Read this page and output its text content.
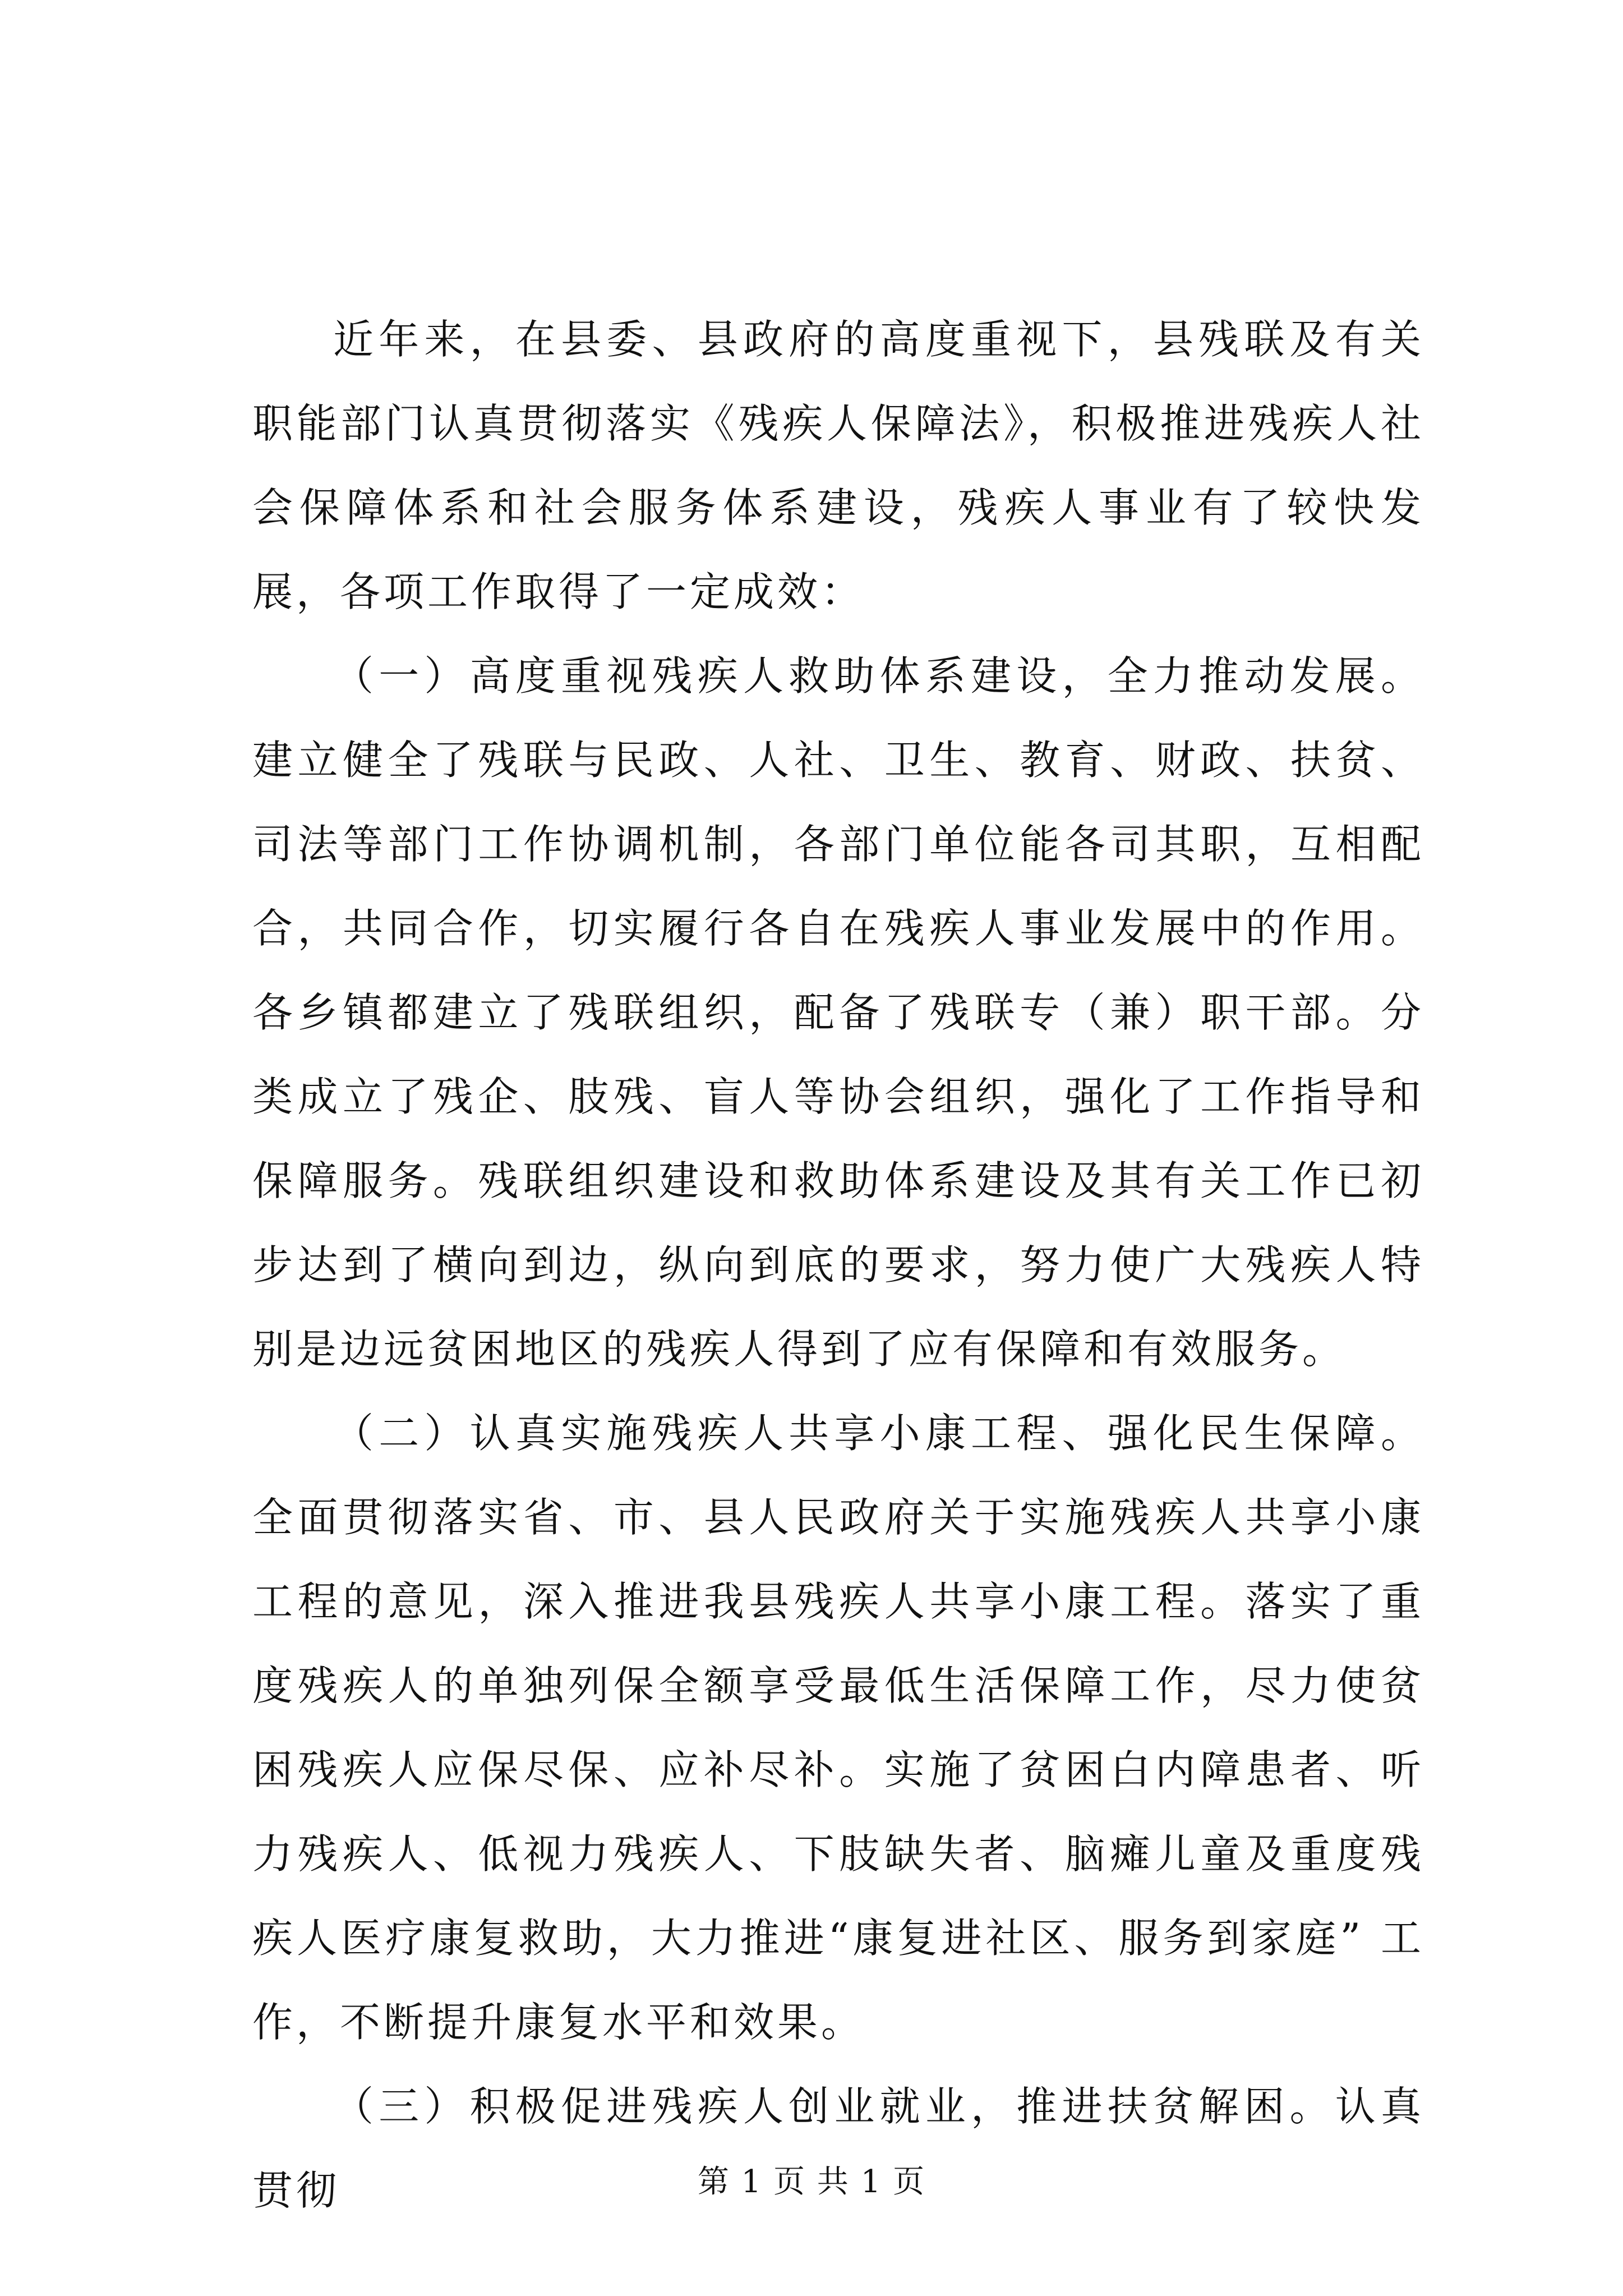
近年来，在县委、县政府的高度重视下，县残联及有关职能部门认真贯彻落实《残疾人保障法》，积极推进残疾人社会保障体系和社会服务体系建设，残疾人事业有了较快发展，各项工作取得了一定成效：

（一）高度重视残疾人救助体系建设，全力推动发展。建立健全了残联与民政、人社、卫生、教育、财政、扶贫、司法等部门工作协调机制，各部门单位能各司其职，互相配合，共同合作，切实履行各自在残疾人事业发展中的作用。各乡镇都建立了残联组织，配备了残联专（兼）职干部。分类成立了残企、肢残、盲人等协会组织，强化了工作指导和保障服务。残联组织建设和救助体系建设及其有关工作已初步达到了横向到边，纵向到底的要求，努力使广大残疾人特别是边远贫困地区的残疾人得到了应有保障和有效服务。

（二）认真实施残疾人共享小康工程、强化民生保障。全面贯彻落实省、市、县人民政府关于实施残疾人共享小康工程的意见，深入推进我县残疾人共享小康工程。落实了重度残疾人的单独列保全额享受最低生活保障工作，尽力使贫困残疾人应保尽保、应补尽补。实施了贫困白内障患者、听力残疾人、低视力残疾人、下肢缺失者、脑瘫儿童及重度残疾人医疗康复救助，大力推进“康复进社区、服务到家庭” 工作，不断提升康复水平和效果。

（三）积极促进残疾人创业就业，推进扶贫解困。认真贯彻	第 1 页 共 1 页
